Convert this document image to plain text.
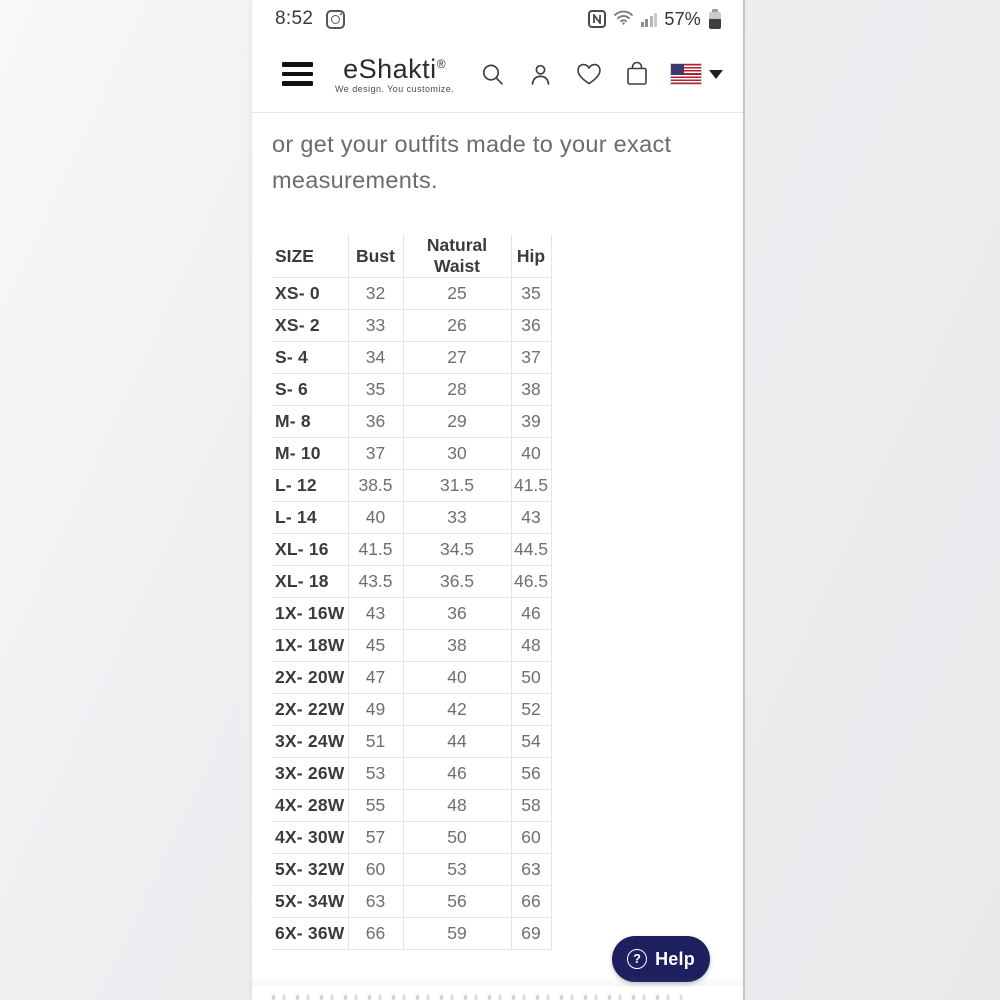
8:52	57%
eShakti®
We design. You customize.
or get your outfits made to your exact measurements.
SIZE	Bust	Natural Waist	Hip
XS- 0	32	25	35
XS- 2	33	26	36
S- 4	34	27	37
S- 6	35	28	38
M- 8	36	29	39
M- 10	37	30	40
L- 12	38.5	31.5	41.5
L- 14	40	33	43
XL- 16	41.5	34.5	44.5
XL- 18	43.5	36.5	46.5
1X- 16W	43	36	46
1X- 18W	45	38	48
2X- 20W	47	40	50
2X- 22W	49	42	52
3X- 24W	51	44	54
3X- 26W	53	46	56
4X- 28W	55	48	58
4X- 30W	57	50	60
5X- 32W	60	53	63
5X- 34W	63	56	66
6X- 36W	66	59	69
? Help
